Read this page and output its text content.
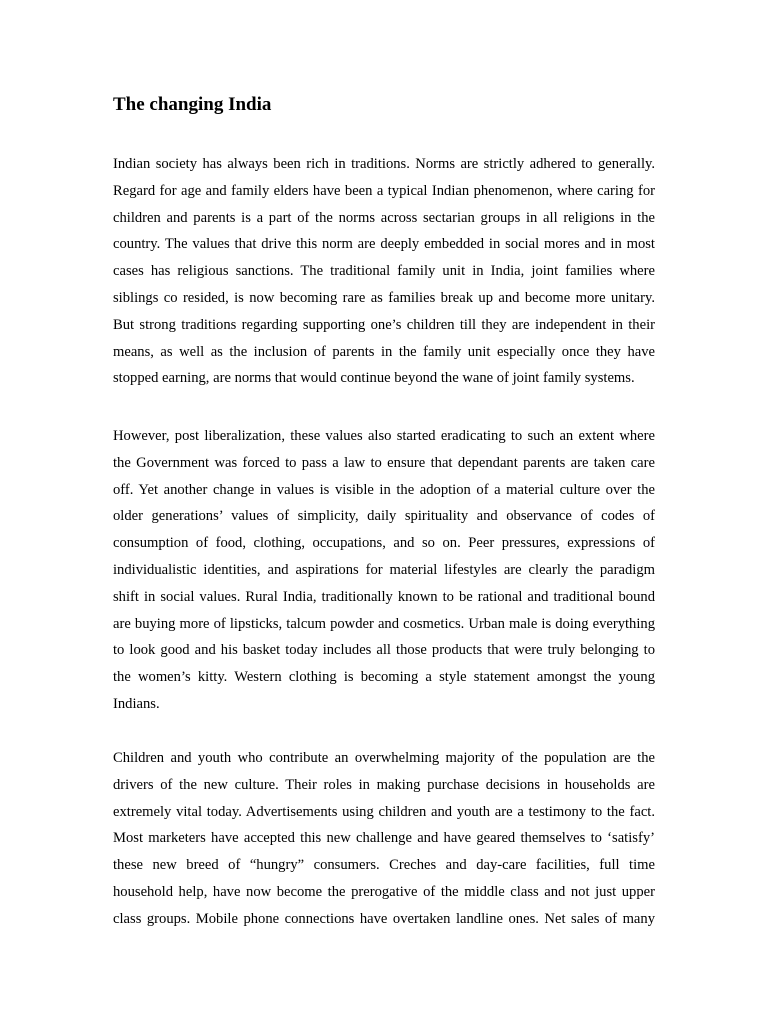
The changing India

Indian society has always been rich in traditions. Norms are strictly adhered to generally.
Regard for age and family elders have been a typical Indian phenomenon, where caring for
children and parents is a part of the norms across sectarian groups in all religions in the
country. The values that drive this norm are deeply embedded in social mores and in most
cases has religious sanctions. The traditional family unit in India, joint families where
siblings co resided, is now becoming rare as families break up and become more unitary.
But strong traditions regarding supporting one’s children till they are independent in their
means, as well as the inclusion of parents in the family unit especially once they have
stopped earning, are norms that would continue beyond the wane of joint family systems.

However, post liberalization, these values also started eradicating to such an extent where
the Government was forced to pass a law to ensure that dependant parents are taken care
off. Yet another change in values is visible in the adoption of a material culture over the
older generations’ values of simplicity, daily spirituality and observance of codes of
consumption of food, clothing, occupations, and so on. Peer pressures, expressions of
individualistic identities, and aspirations for material lifestyles are clearly the paradigm
shift in social values. Rural India, traditionally known to be rational and traditional bound
are buying more of lipsticks, talcum powder and cosmetics. Urban male is doing everything
to look good and his basket today includes all those products that were truly belonging to
the women’s kitty. Western clothing is becoming a style statement amongst the young
Indians.

Children and youth who contribute an overwhelming majority of the population are the
drivers of the new culture. Their roles in making purchase decisions in households are
extremely vital today. Advertisements using children and youth are a testimony to the fact.
Most marketers have accepted this new challenge and have geared themselves to ‘satisfy’
these new breed of “hungry” consumers. Creches and day-care facilities, full time
household help, have now become the prerogative of the middle class and not just upper
class groups. Mobile phone connections have overtaken landline ones. Net sales of many
